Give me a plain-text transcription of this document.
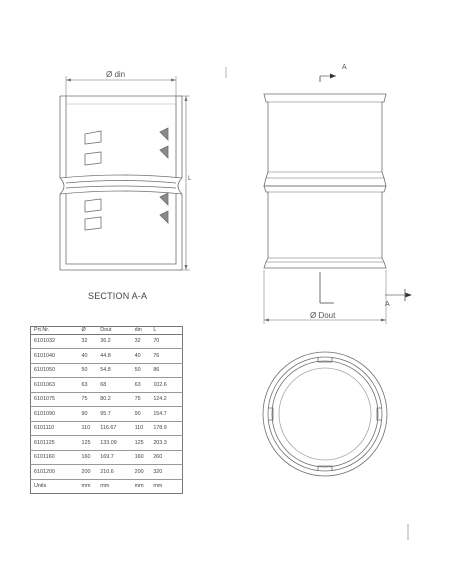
Ø din
L
A
A
SECTION A-A
Ø Dout
Prt.Nr.	Ø	Dout	din	L
6101032	32	36.2	32	70
6101040	40	44.8	40	76
6101050	50	54.8	50	86
6101063	63	68	63	102.6
6101075	75	80.2	75	124.2
6101090	90	95.7	90	154.7
6101110	110	116.67	110	178.9
6101125	125	133.09	125	203.3
6101160	160	169.7	160	260
6101200	200	210.6	200	320
Units	mm	mm	mm	mm
